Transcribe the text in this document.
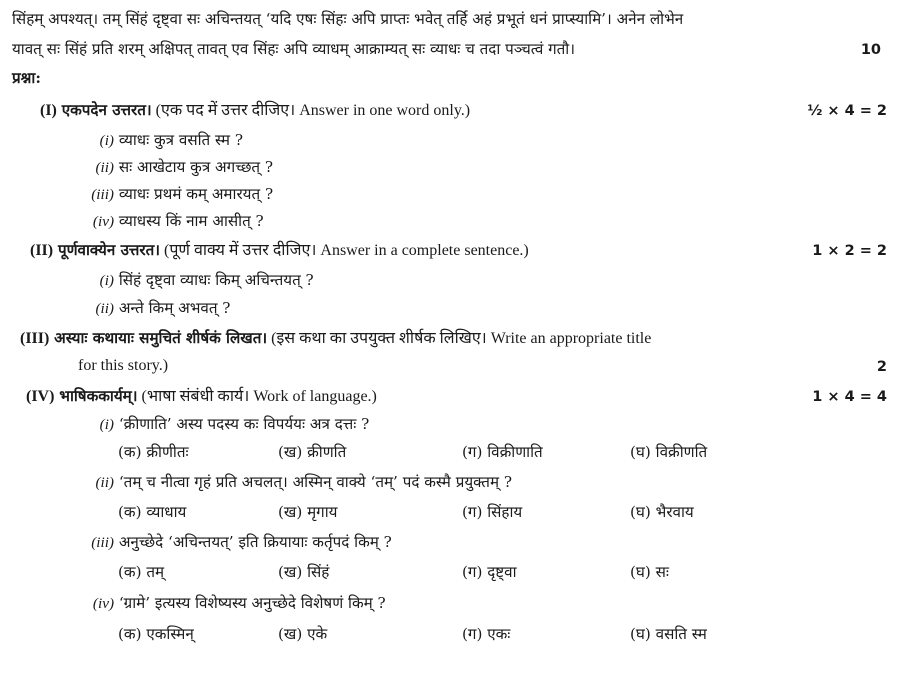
सिंहम् अपश्यत्। तम् सिंहं दृष्ट्वा सः अचिन्तयत् ‘यदि एषः सिंहः अपि प्राप्तः भवेत् तर्हि अहं प्रभूतं धनं प्राप्स्यामि’। अनेन लोभेन
यावत् सः सिंहं प्रति शरम् अक्षिपत् तावत् एव सिंहः अपि व्याधम् आक्राम्यत् सः व्याधः च तदा पञ्चत्वं गतौ।	10
प्रश्ना:
(I) एकपदेन उत्तरत। (एक पद में उत्तर दीजिए। Answer in one word only.)	½ × 4 = 2
(i) व्याधः कुत्र वसति स्म ?
(ii) सः आखेटाय कुत्र अगच्छत् ?
(iii) व्याधः प्रथमं कम् अमारयत् ?
(iv) व्याधस्य किं नाम आसीत् ?
(II) पूर्णवाक्येन उत्तरत। (पूर्ण वाक्य में उत्तर दीजिए। Answer in a complete sentence.)	1 × 2 = 2
(i) सिंहं दृष्ट्वा व्याधः किम् अचिन्तयत् ?
(ii) अन्ते किम् अभवत् ?
(III) अस्याः कथायाः समुचितं शीर्षकं लिखत। (इस कथा का उपयुक्त शीर्षक लिखिए। Write an appropriate title
for this story.)	2
(IV) भाषिककार्यम्। (भाषा संबंधी कार्य। Work of language.)	1 × 4 = 4
(i) ‘क्रीणाति’ अस्य पदस्य कः विपर्ययः अत्र दत्तः ?
(क) क्रीणीतः	(ख) क्रीणति	(ग) विक्रीणाति	(घ) विक्रीणति
(ii) ‘तम् च नीत्वा गृहं प्रति अचलत्। अस्मिन् वाक्ये ‘तम्’ पदं कस्मै प्रयुक्तम् ?
(क) व्याधाय	(ख) मृगाय	(ग) सिंहाय	(घ) भैरवाय
(iii) अनुच्छेदे ‘अचिन्तयत्’ इति क्रियायाः कर्तृपदं किम् ?
(क) तम्	(ख) सिंहं	(ग) दृष्ट्वा	(घ) सः
(iv) ‘ग्रामे’ इत्यस्य विशेष्यस्य अनुच्छेदे विशेषणं किम् ?
(क) एकस्मिन्	(ख) एके	(ग) एकः	(घ) वसति स्म
